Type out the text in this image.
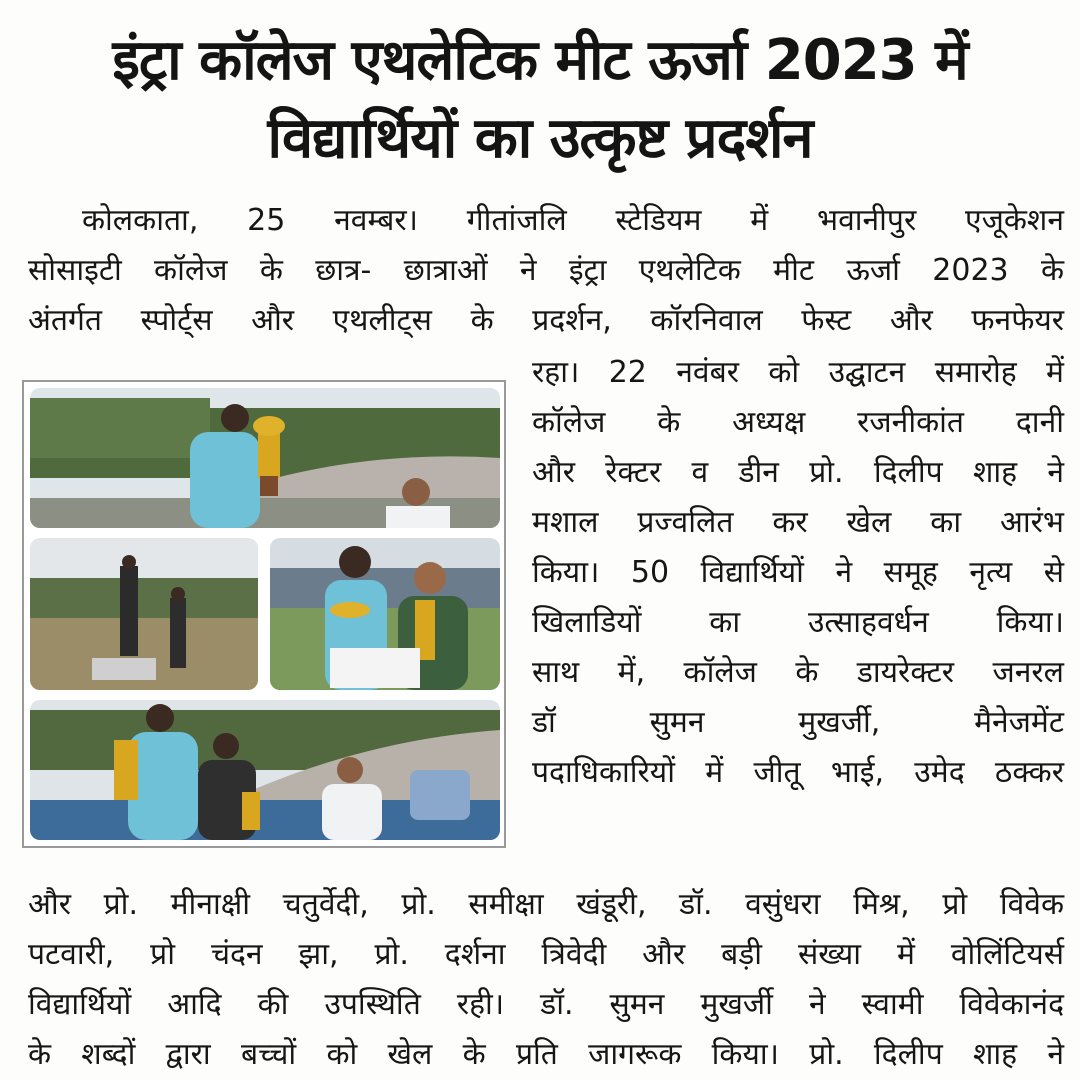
इंट्रा कॉलेज एथलेटिक मीट ऊर्जा 2023 में
विद्यार्थियों का उत्कृष्ट प्रदर्शन
कोलकाता, 25 नवम्बर। गीतांजलि स्टेडियम में भवानीपुर एजूकेशन
सोसाइटी कॉलेज के छात्र- छात्राओं ने इंट्रा एथलेटिक मीट ऊर्जा 2023 के
अंतर्गत स्पोर्ट्स और एथलीट्स के प्रदर्शन, कॉरनिवाल फेस्ट और फनफेयर
रहा। 22 नवंबर को उद्घाटन समारोह में
कॉलेज के अध्यक्ष रजनीकांत दानी
और रेक्टर व डीन प्रो. दिलीप शाह ने
मशाल प्रज्वलित कर खेल का आरंभ
किया। 50 विद्यार्थियों ने समूह नृत्य से
खिलाडियों का उत्साहवर्धन किया।
साथ में, कॉलेज के डायरेक्टर जनरल
डॉ सुमन मुखर्जी, मैनेजमेंट
पदाधिकारियों में जीतू भाई, उमेद ठक्कर
और प्रो. मीनाक्षी चतुर्वेदी, प्रो. समीक्षा खंडूरी, डॉ. वसुंधरा मिश्र, प्रो विवेक
पटवारी, प्रो चंदन झा, प्रो. दर्शना त्रिवेदी और बड़ी संख्या में वोलिंटियर्स
विद्यार्थियों आदि की उपस्थिति रही। डॉ. सुमन मुखर्जी ने स्वामी विवेकानंद
के शब्दों द्वारा बच्चों को खेल के प्रति जागरूक किया। प्रो. दिलीप शाह ने
